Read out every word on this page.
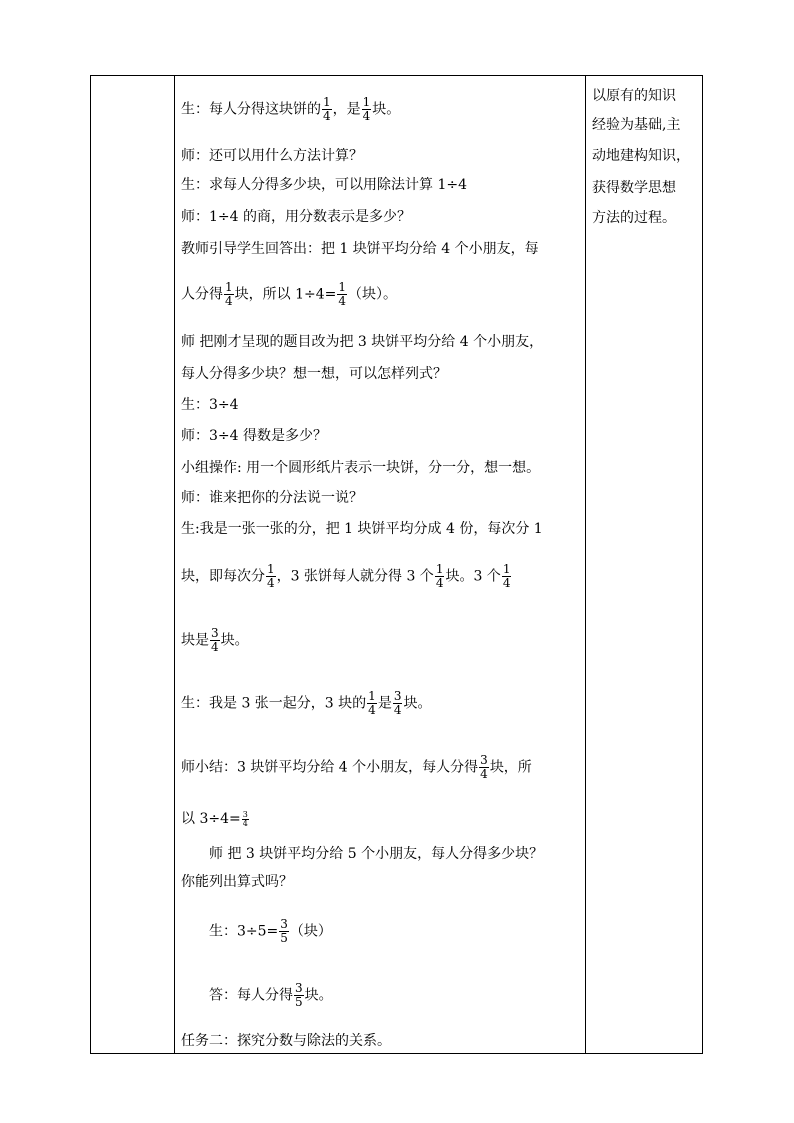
生：每人分得这块饼的 $\frac{1}{4}$ ，是 $\frac{1}{4}$ 块。
师：还可以用什么方法计算？
生：求每人分得多少块，可以用除法计算 1÷4
师：1÷4 的商，用分数表示是多少？
教师引导学生回答出：把 1 块饼平均分给 4 个小朋友，每
人分得 $\frac{1}{4}$ 块，所以 $1\div 4= \frac{1}{4}$ （块）。
师 把刚才呈现的题目改为把 3 块饼平均分给 4 个小朋友，
每人分得多少块？想一想，可以怎样列式？
生：3÷4
师：3÷4 得数是多少？
小组操作: 用一个圆形纸片表示一块饼，分一分，想一想。
师：谁来把你的分法说一说？
生:我是一张一张的分，把 1 块饼平均分成 4 份，每次分 1
块，即每次分 $\frac{1}{4}$ ，3 张饼每人就分得 3 个 $\frac{1}{4}$ 块。3 个 $\frac{1}{4}$
块是 $\frac{3}{4}$ 块。
生：我是 3 张一起分，3 块的 $\frac{1}{4}$ 是 $\frac{3}{4}$ 块。
师小结：3 块饼平均分给 4 个小朋友，每人分得 $\frac{3}{4}$ 块，所
以 $3\div 4= \frac{3}{4}$
师 把 3 块饼平均分给 5 个小朋友，每人分得多少块？
你能列出算式吗？
生：$3\div 5= \frac{3}{5}$ （块）
答：每人分得 $\frac{3}{5}$ 块。
任务二：探究分数与除法的关系。
以原有的知识
经验为基础,主
动地建构知识，
获得数学思想
方法的过程。
